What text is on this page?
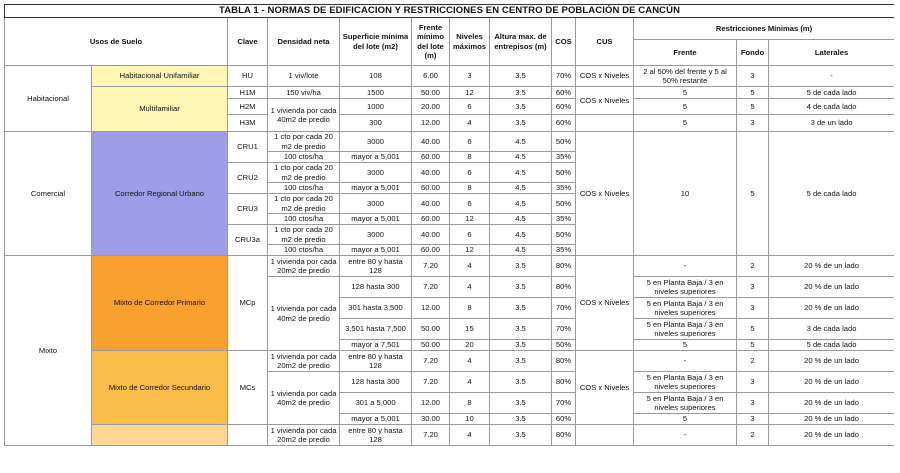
TABLA 1 - NORMAS DE EDIFICACION Y RESTRICCIONES EN CENTRO DE POBLACIÓN DE CANCÚN												
Usos de Suelo		Clave	Densidad neta	Superficie mínima del lote (m2)	Frente mínimo del lote (m)	Niveles máximos	Altura max. de entrepisos (m)	COS	CUS	Restricciones Mínimas (m)		
										Frente	Fondo	Laterales
Habitacional	Habitacional Unifamiliar	HU	1 viv/lote	108	6.00	3	3.5	70%	COS x Niveles	2 al 50% del frente y 5 al 50% restante	3	-
	Multifamiliar	H1M	150 viv/ha	1500	50.00	12	3.5	60%	COS x Niveles	5	5	5 de cada lado
		H2M	1 vivienda por cada 40m2 de predio	1000	20.00	6	3.5	60%		5	5	4 de cada lado
		H3M		300	12.00	4	3.5	60%		5	3	3 de un lado
Comercial	Corredor Regional Urbano	CRU1	1 cto por cada 20 m2 de predio	3000	40.00	6	4.5	50%	COS x Niveles	10	5	5 de cada lado
			100 ctos/ha	mayor a 5,001	60.00	8	4.5	35%				
		CRU2	1 cto por cada 20 m2 de predio	3000	40.00	6	4.5	50%				
			100 ctos/ha	mayor a 5,001	60.00	8	4.5	35%				
		CRU3	1 cto por cada 20 m2 de predio	3000	40.00	6	4.5	50%				
			100 ctos/ha	mayor a 5,001	60.00	12	4.5	35%				
		CRU3a	1 cto por cada 20 m2 de predio	3000	40.00	6	4.5	50%				
			100 ctos/ha	mayor a 5,001	60.00	12	4.5	35%				
Mixto	Mixto de Corredor Primario	MCp	1 vivienda por cada 20m2 de predio	entre 80 y hasta 128	7.20	4	3.5	80%	COS x Niveles	-	2	20 % de un lado
			1 vivienda por cada 40m2 de predio	128 hasta 300	7.20	4	3.5	80%		5 en Planta Baja / 3 en niveles superiores	3	20 % de un lado
				301 hasta 3,500	12.00	8	3.5	70%		5 en Planta Baja / 3 en niveles superiores	3	20 % de un lado
				3,501 hasta 7,500	50.00	15	3.5	70%		5 en Planta Baja / 3 en niveles superiores	5	3 de cada lado
				mayor a 7,501	50.00	20	3.5	50%		5	5	5 de cada lado
	Mixto de Corredor Secundario	MCs	1 vivienda por cada 20m2 de predio	entre 80 y hasta 128	7.20	4	3.5	80%	COS x Niveles	-	2	20 % de un lado
			1 vivienda por cada 40m2 de predio	128 hasta 300	7.20	4	3.5	80%		5 en Planta Baja / 3 en niveles superiores	3	20 % de un lado
				301 a 5,000	12.00	8	3.5	70%		5 en Planta Baja / 3 en niveles superiores	3	20 % de un lado
				mayor a 5,001	30.00	10	3.5	60%		5	3	20 % de un lado
			1 vivienda por cada 20m2 de predio	entre 80 y hasta 128	7.20	4	3.5	80%		-	2	20 % de un lado
